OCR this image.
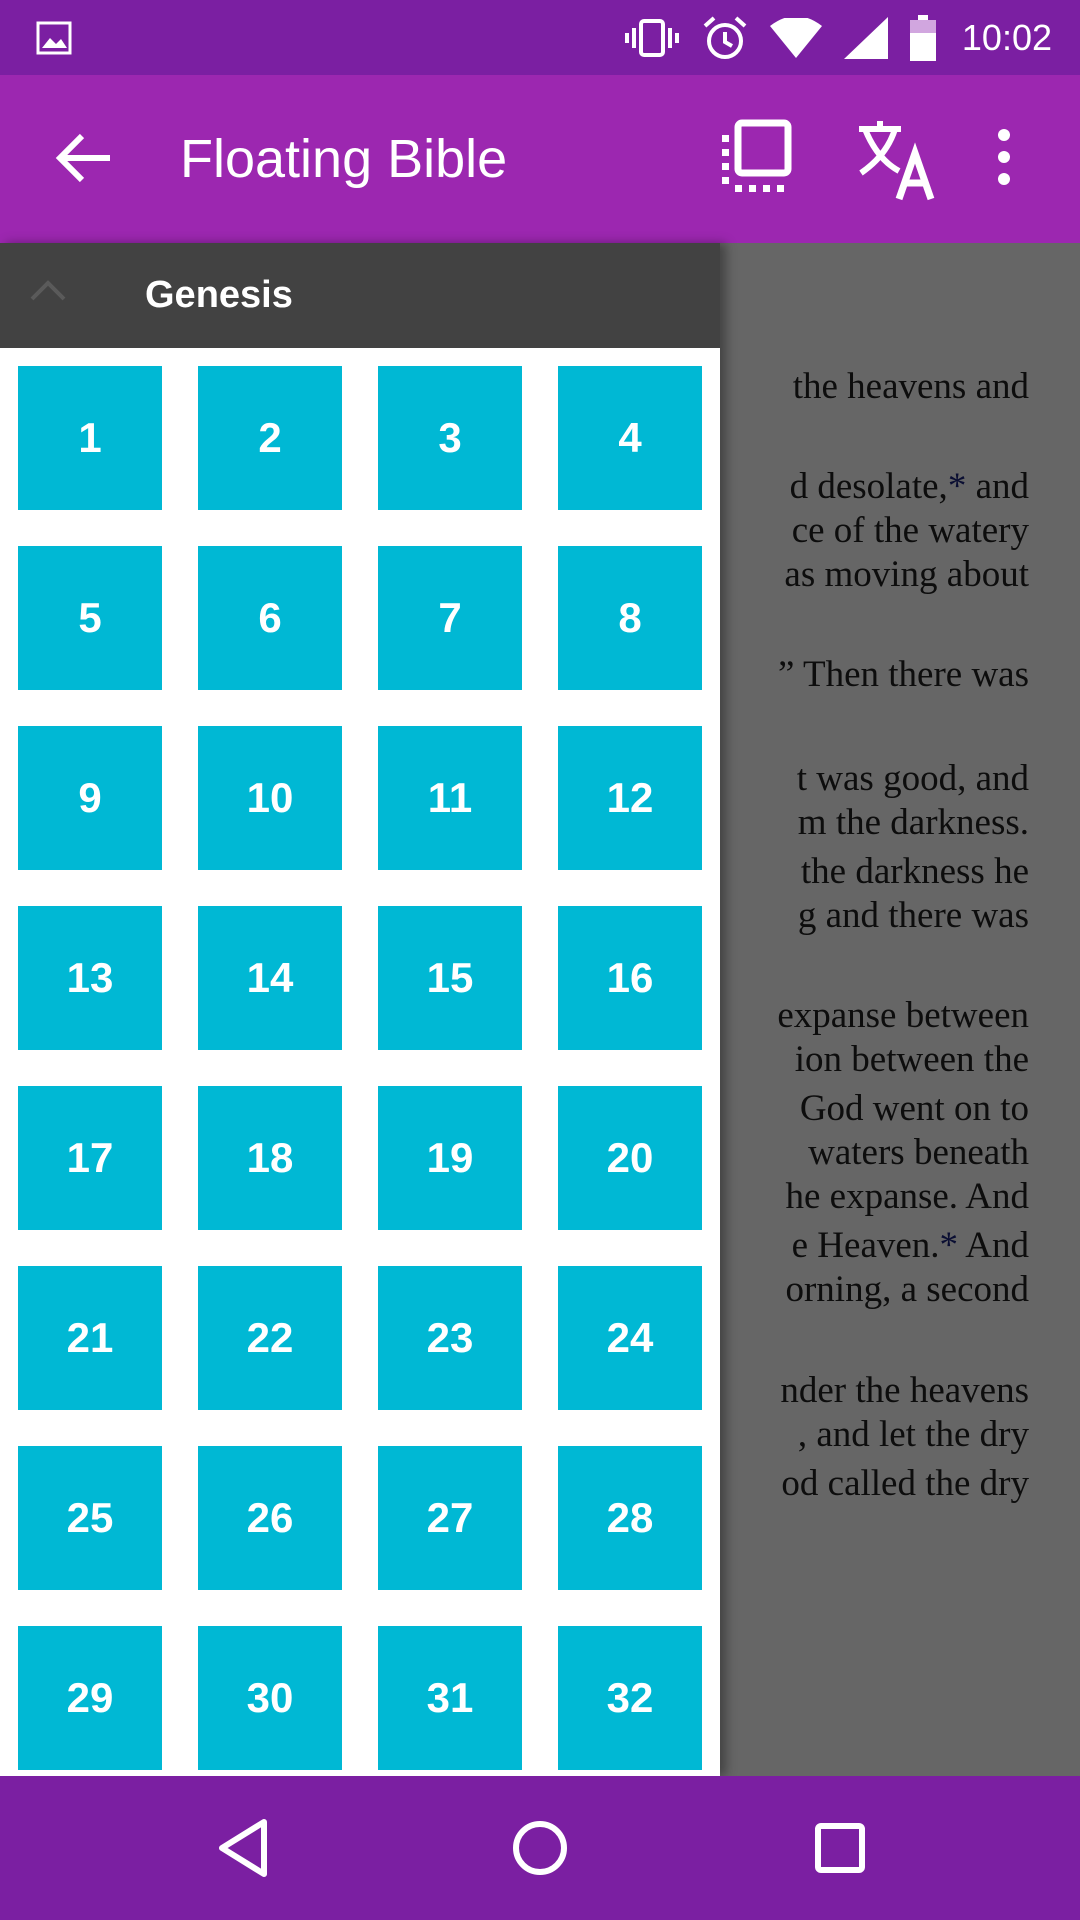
10:02
Floating Bible
Genesis
1	2	3	4
5	6	7	8
9	10	11	12
13	14	15	16
17	18	19	20
21	22	23	24
25	26	27	28
29	30	31	32
